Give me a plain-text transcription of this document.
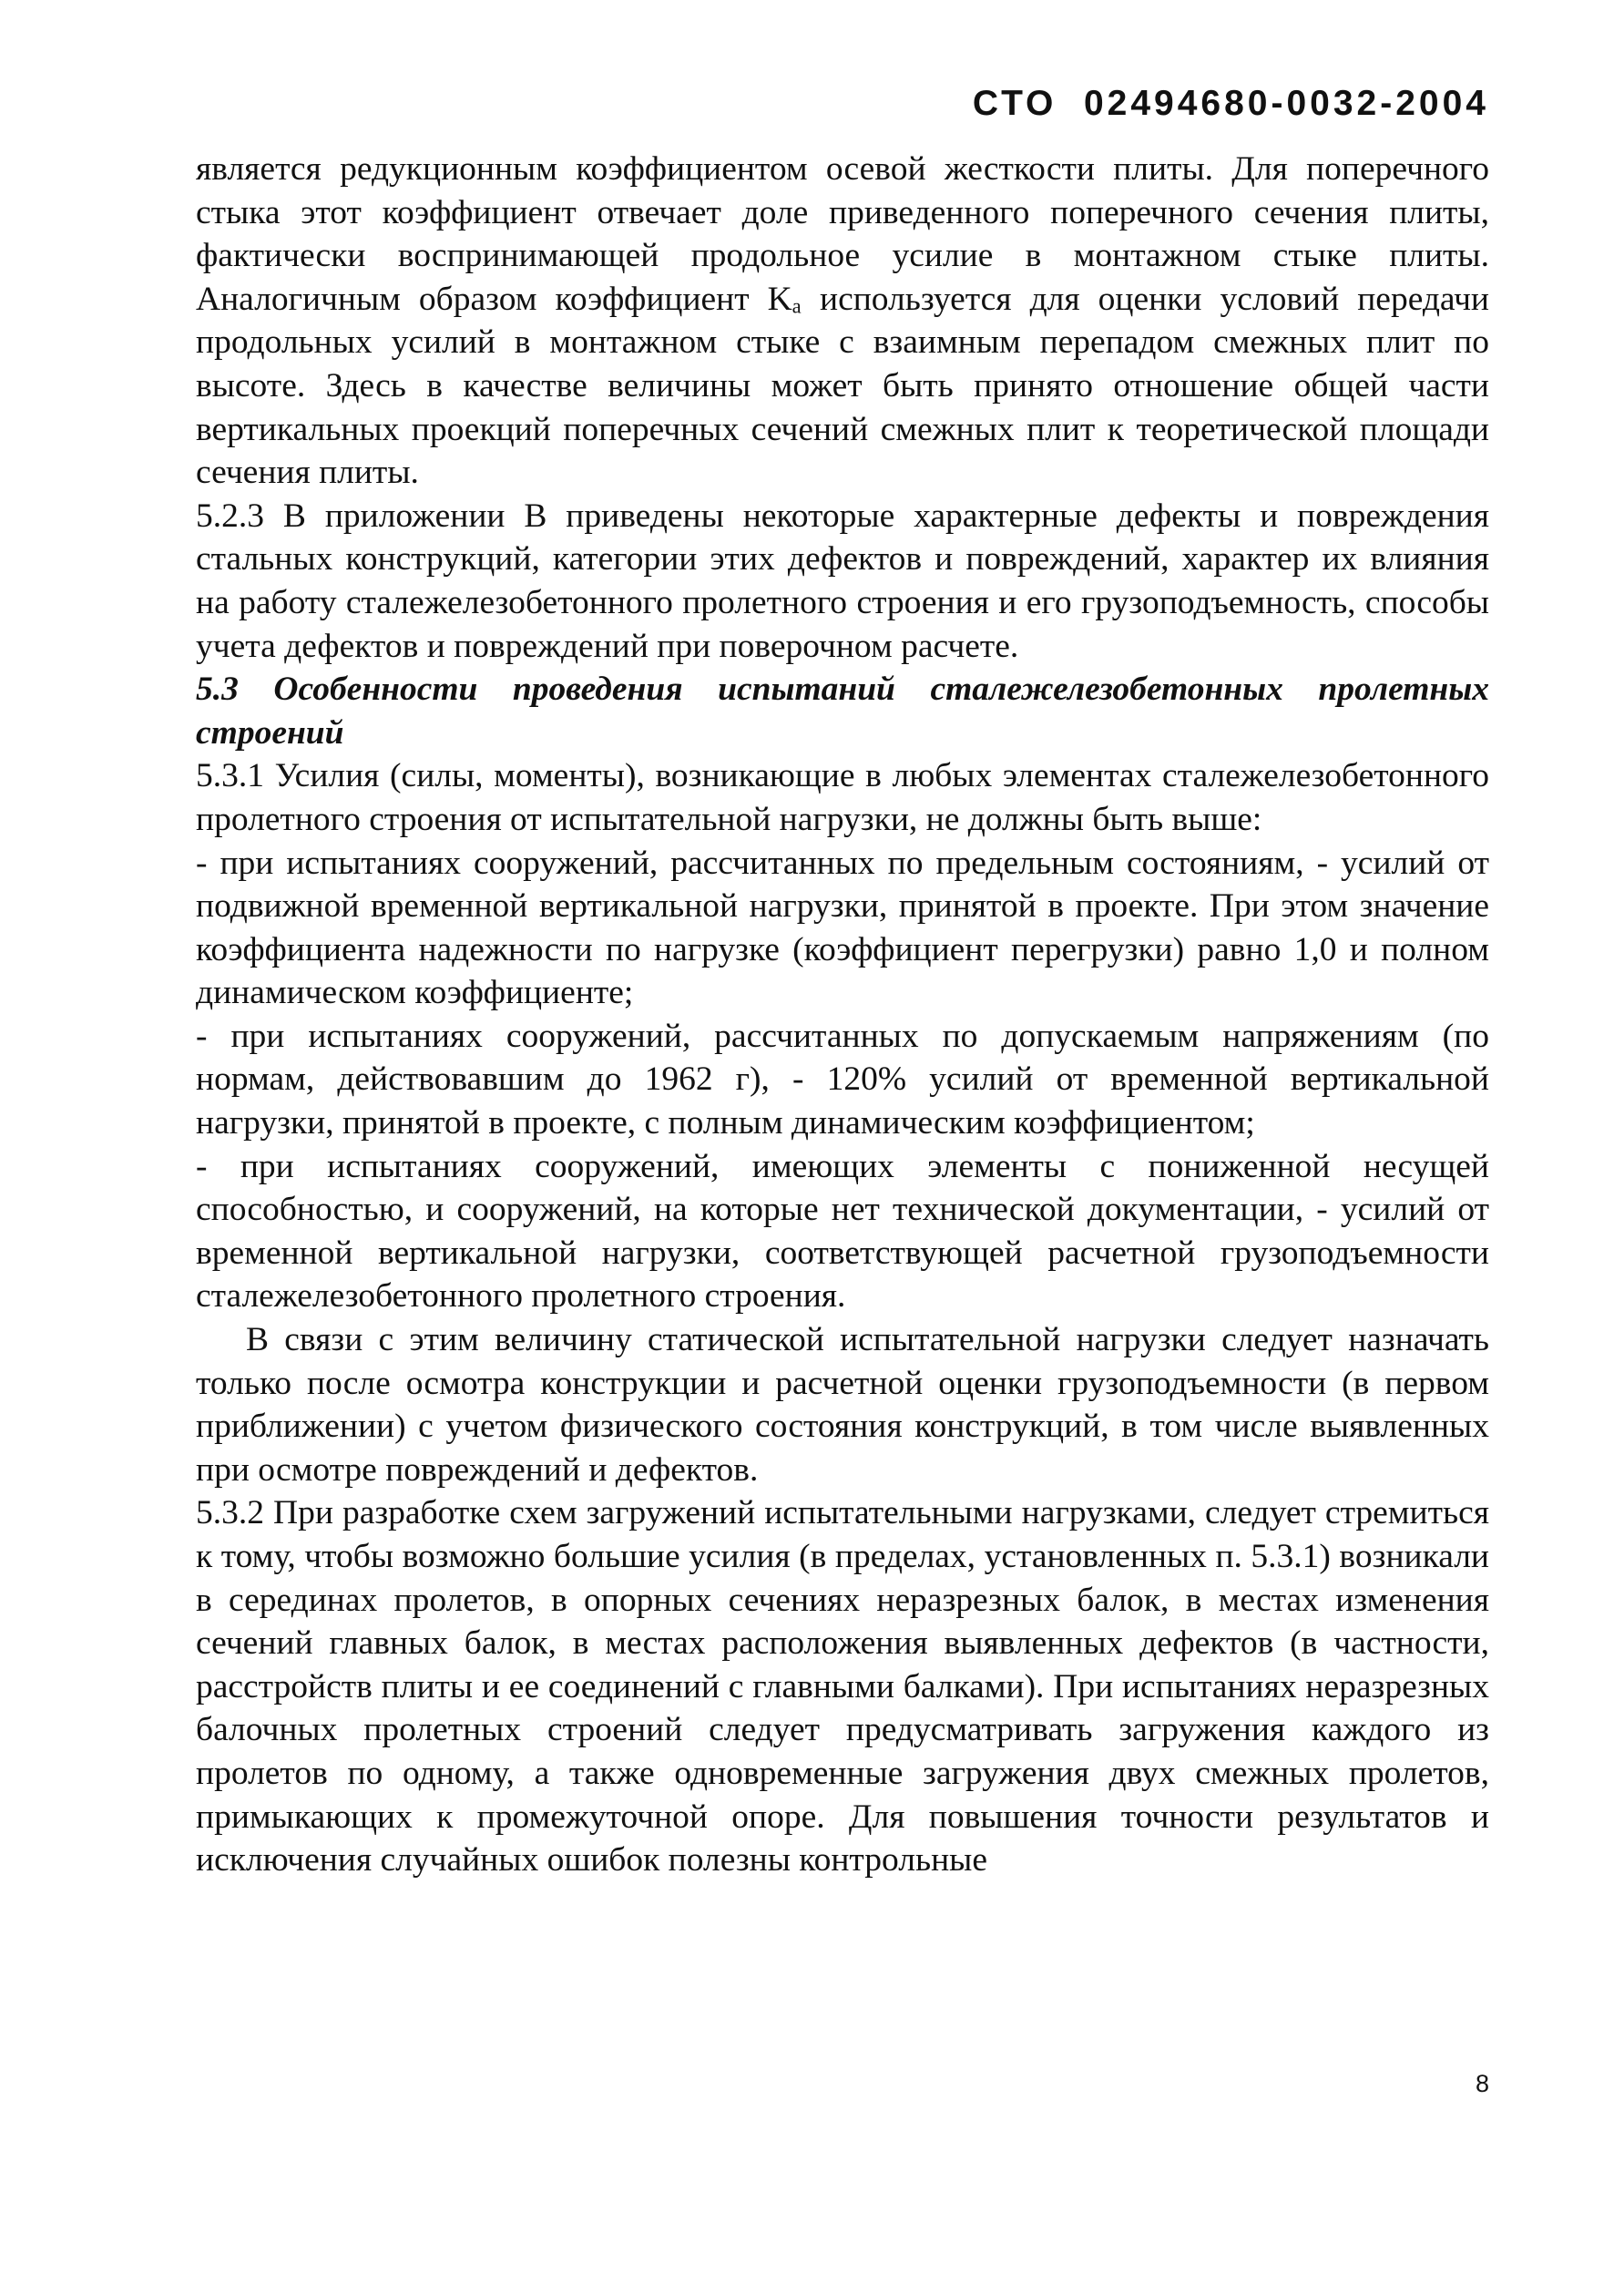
СТО  02494680-0032-2004

является редукционным коэффициентом осевой жесткости плиты. Для поперечного стыка этот коэффициент отвечает доле приведенного поперечного сечения плиты, фактически воспринимающей продольное усилие в монтажном стыке плиты. Аналогичным образом коэффициент Kₐ используется для оценки условий передачи продольных усилий в монтажном стыке с взаимным перепадом смежных плит по высоте. Здесь в качестве величины может быть принято отношение общей части вертикальных проекций поперечных сечений смежных плит к теоретической площади сечения плиты.

5.2.3 В приложении В приведены некоторые характерные дефекты и повреждения стальных конструкций, категории этих дефектов и повреждений, характер их влияния на работу сталежелезобетонного пролетного строения и его грузоподъемность, способы учета дефектов и повреждений при поверочном расчете.

5.3 Особенности проведения испытаний сталежелезобетонных пролетных строений

5.3.1 Усилия (силы, моменты), возникающие в любых элементах сталежелезобетонного пролетного строения от испытательной нагрузки, не должны быть выше:

- при испытаниях сооружений, рассчитанных по предельным состояниям, - усилий от подвижной временной вертикальной нагрузки, принятой в проекте. При этом значение коэффициента надежности по нагрузке (коэффициент перегрузки) равно 1,0 и полном динамическом коэффициенте;

- при испытаниях сооружений, рассчитанных по допускаемым напряжениям (по нормам, действовавшим до 1962 г), - 120% усилий от временной вертикальной нагрузки, принятой в проекте, с полным динамическим коэффициентом;

- при испытаниях сооружений, имеющих элементы с пониженной несущей способностью, и сооружений, на которые нет технической документации, - усилий от временной вертикальной нагрузки, соответствующей расчетной грузоподъемности сталежелезобетонного пролетного строения.

В связи с этим величину статической испытательной нагрузки следует назначать только после осмотра конструкции и расчетной оценки грузоподъемности (в первом приближении) с учетом физического состояния конструкций, в том числе выявленных при осмотре повреждений и дефектов.

5.3.2 При разработке схем загружений испытательными нагрузками, следует стремиться к тому, чтобы возможно большие усилия (в пределах, установленных п. 5.3.1) возникали в серединах пролетов, в опорных сечениях неразрезных балок, в местах изменения сечений главных балок, в местах расположения выявленных дефектов (в частности, расстройств плиты и ее соединений с главными балками). При испытаниях неразрезных балочных пролетных строений следует предусматривать загружения каждого из пролетов по одному, а также одновременные загружения двух смежных пролетов, примыкающих к промежуточной опоре. Для повышения точности результатов и исключения случайных ошибок полезны контрольные

8
